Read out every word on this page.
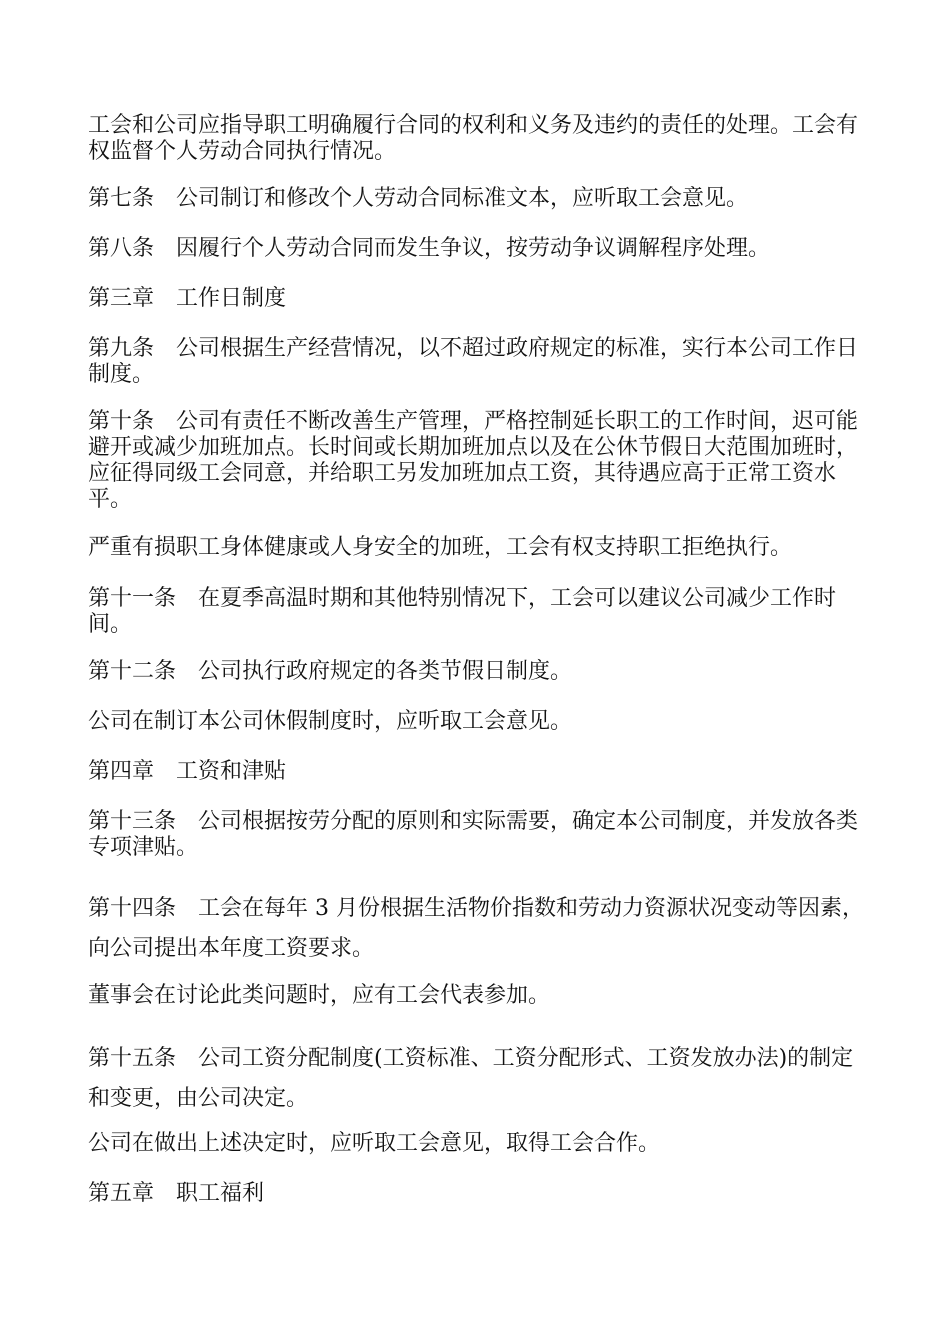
工会和公司应指导职工明确履行合同的权利和义务及违约的责任的处理。工会有权监督个人劳动合同执行情况。

第七条　公司制订和修改个人劳动合同标准文本，应听取工会意见。

第八条　因履行个人劳动合同而发生争议，按劳动争议调解程序处理。

第三章　工作日制度

第九条　公司根据生产经营情况，以不超过政府规定的标准，实行本公司工作日制度。

第十条　公司有责任不断改善生产管理，严格控制延长职工的工作时间，迟可能避开或减少加班加点。长时间或长期加班加点以及在公休节假日大范围加班时，应征得同级工会同意，并给职工另发加班加点工资，其待遇应高于正常工资水平。

严重有损职工身体健康或人身安全的加班，工会有权支持职工拒绝执行。

第十一条　在夏季高温时期和其他特别情况下，工会可以建议公司减少工作时间。

第十二条　公司执行政府规定的各类节假日制度。

公司在制订本公司休假制度时，应听取工会意见。

第四章　工资和津贴

第十三条　公司根据按劳分配的原则和实际需要，确定本公司制度，并发放各类专项津贴。

第十四条　工会在每年 3 月份根据生活物价指数和劳动力资源状况变动等因素，向公司提出本年度工资要求。

董事会在讨论此类问题时，应有工会代表参加。

第十五条　公司工资分配制度(工资标准、工资分配形式、工资发放办法)的制定和变更，由公司决定。

公司在做出上述决定时，应听取工会意见，取得工会合作。

第五章　职工福利
